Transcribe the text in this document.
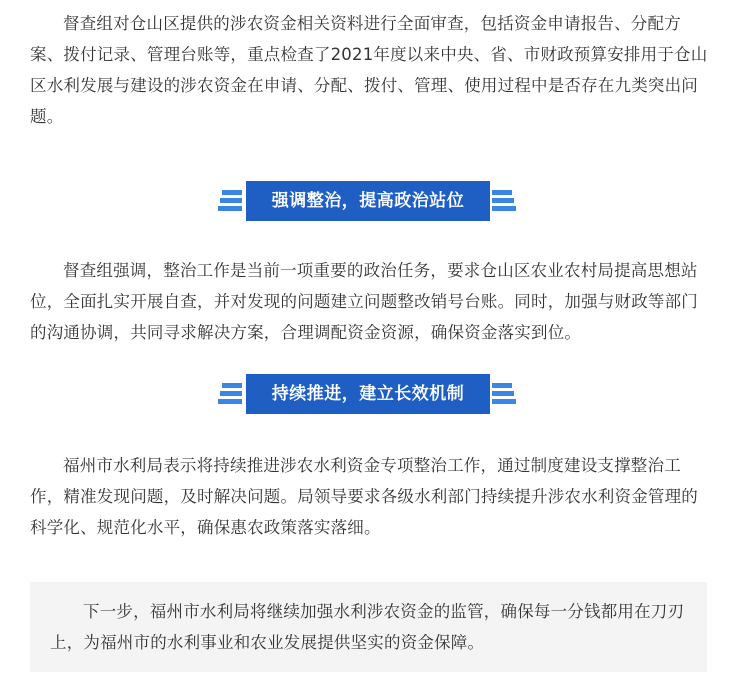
督查组对仓山区提供的涉农资金相关资料进行全面审查，包括资金申请报告、分配方案、拨付记录、管理台账等，重点检查了2021年度以来中央、省、市财政预算安排用于仓山区水利发展与建设的涉农资金在申请、分配、拨付、管理、使用过程中是否存在九类突出问题。

强调整治，提高政治站位

督查组强调，整治工作是当前一项重要的政治任务，要求仓山区农业农村局提高思想站位，全面扎实开展自查，并对发现的问题建立问题整改销号台账。同时，加强与财政等部门的沟通协调，共同寻求解决方案，合理调配资金资源，确保资金落实到位。

持续推进，建立长效机制

福州市水利局表示将持续推进涉农水利资金专项整治工作，通过制度建设支撑整治工作，精准发现问题，及时解决问题。局领导要求各级水利部门持续提升涉农水利资金管理的科学化、规范化水平，确保惠农政策落实落细。

下一步，福州市水利局将继续加强水利涉农资金的监管，确保每一分钱都用在刀刃上，为福州市的水利事业和农业发展提供坚实的资金保障。
